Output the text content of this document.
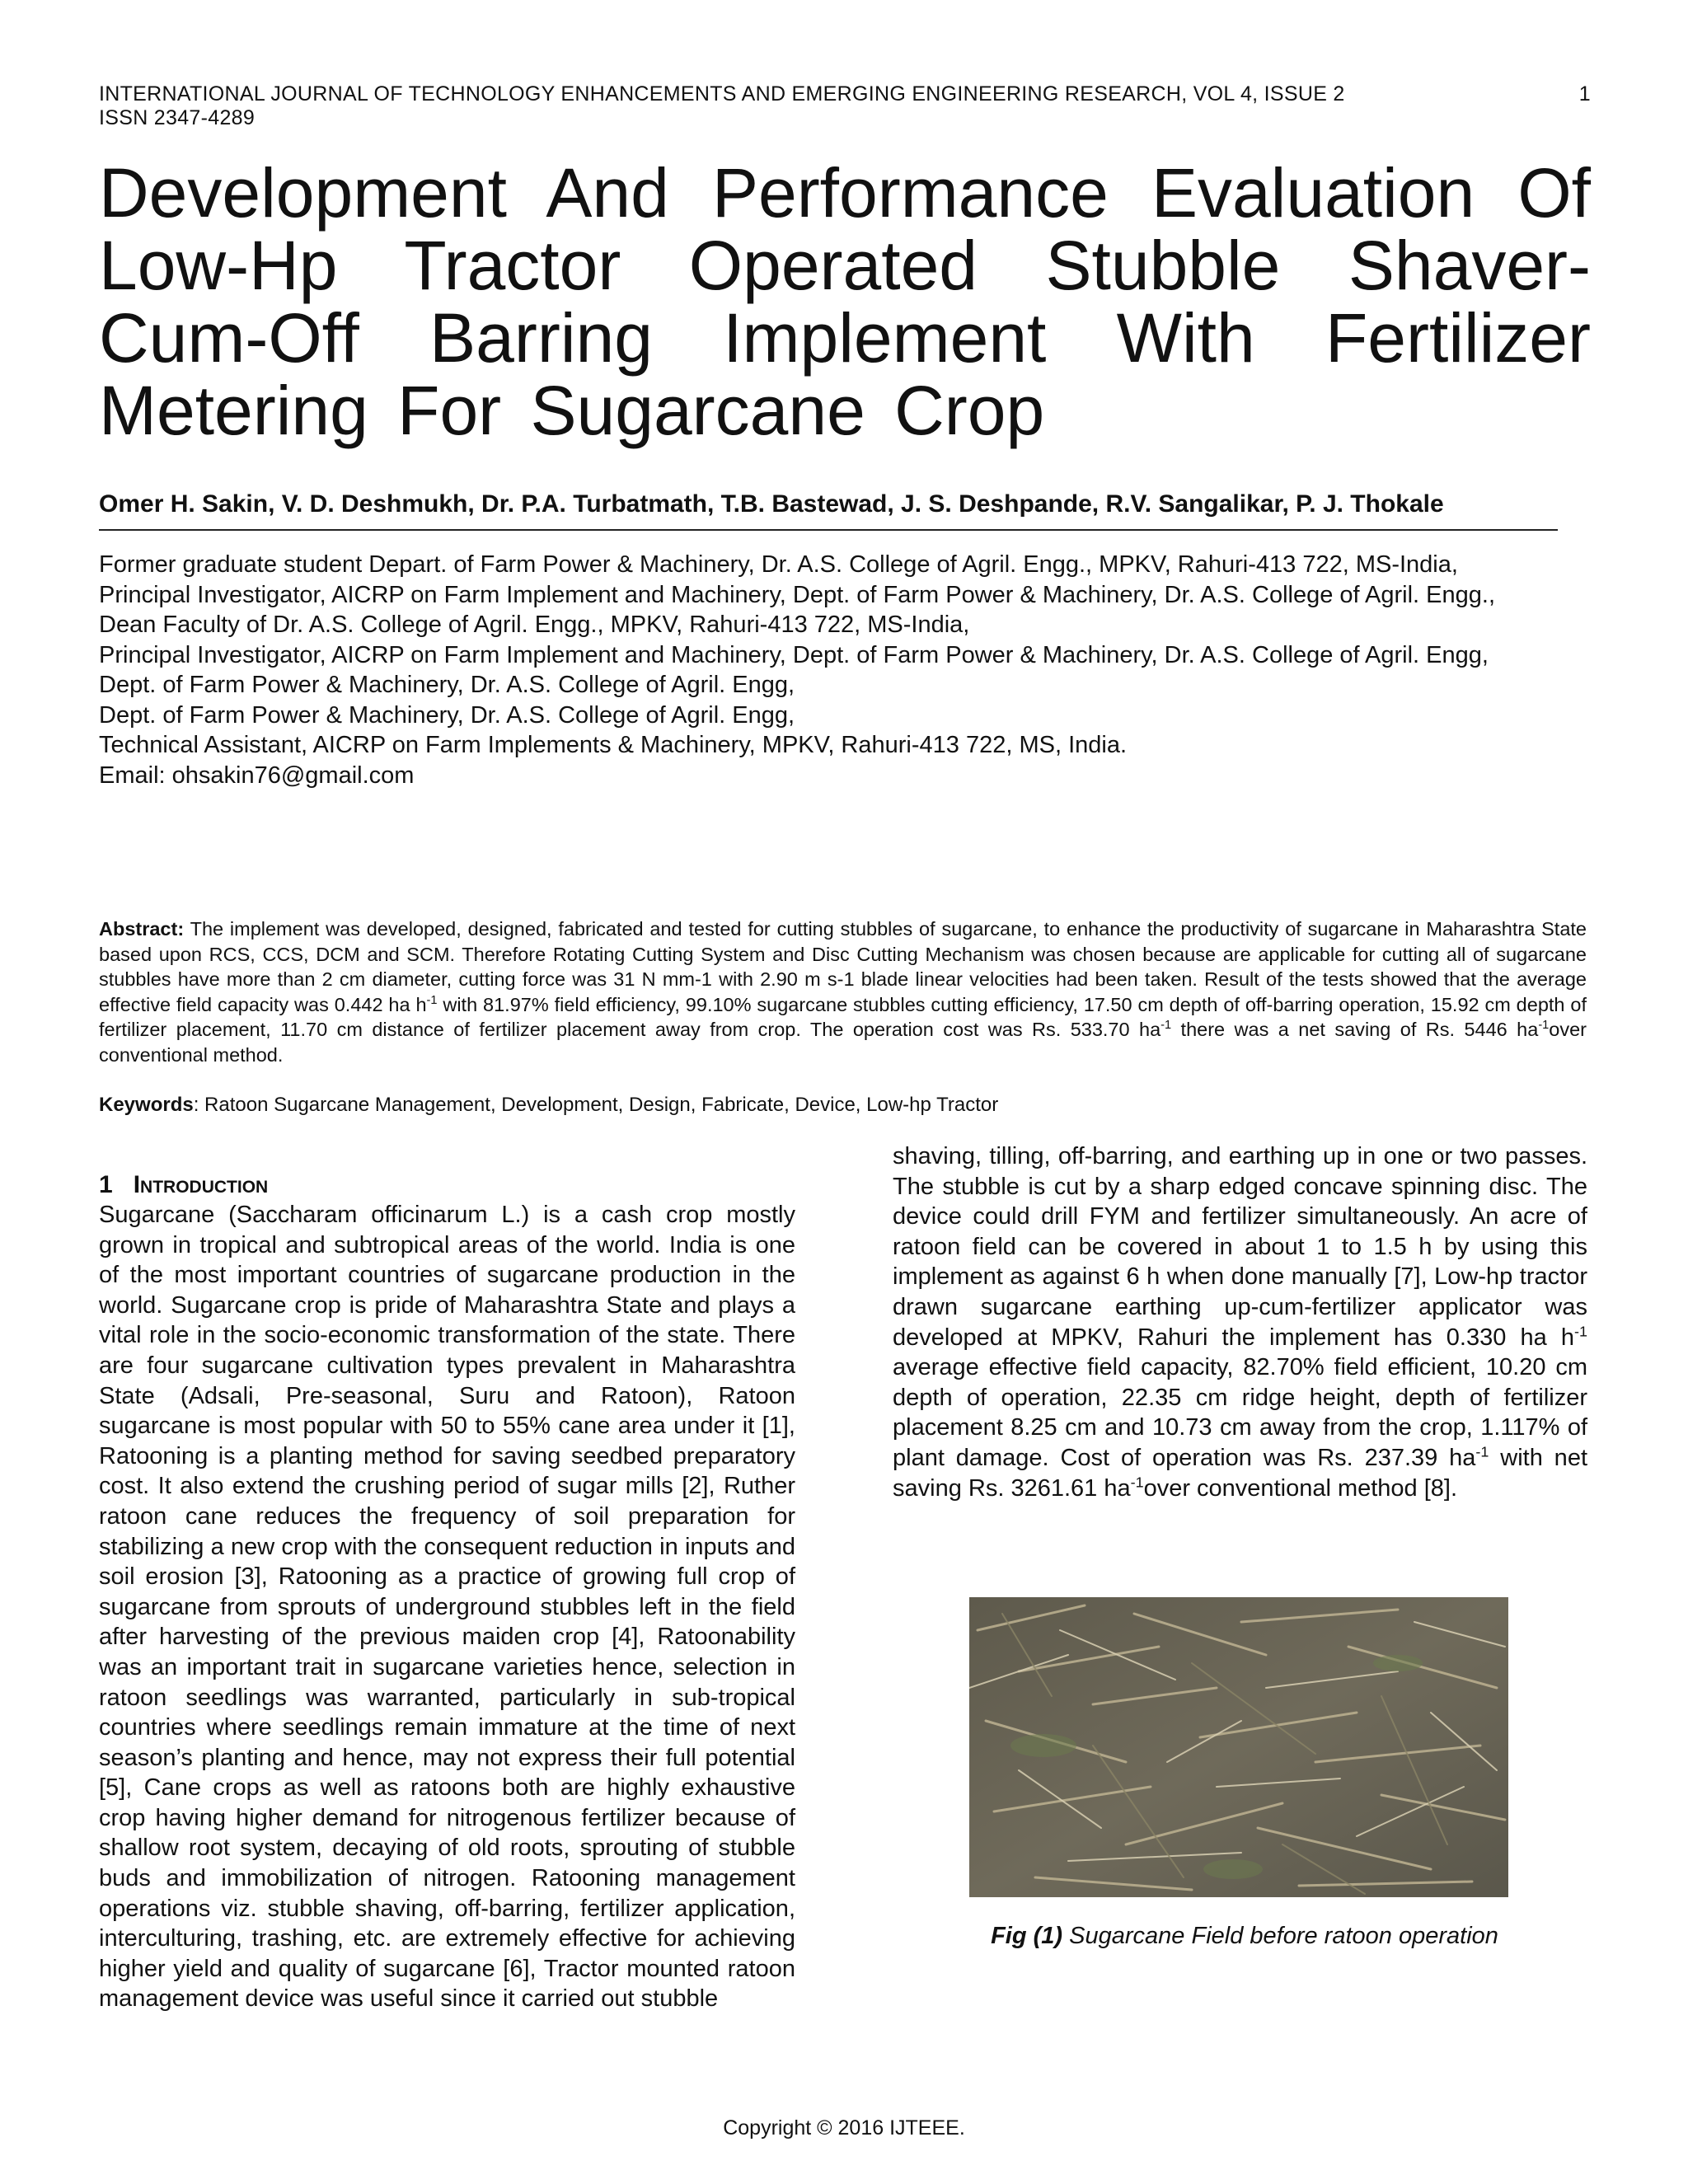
INTERNATIONAL JOURNAL OF TECHNOLOGY ENHANCEMENTS AND EMERGING ENGINEERING RESEARCH, VOL 4, ISSUE 2
ISSN 2347-4289
1
Development And Performance Evaluation Of Low-Hp Tractor Operated Stubble Shaver-Cum-Off Barring Implement With Fertilizer Metering For Sugarcane Crop
Omer H. Sakin, V. D. Deshmukh, Dr. P.A. Turbatmath, T.B. Bastewad, J. S. Deshpande, R.V. Sangalikar, P. J. Thokale
Former graduate student Depart. of Farm Power & Machinery, Dr. A.S. College of Agril. Engg., MPKV, Rahuri-413 722, MS-India,
Principal Investigator, AICRP on Farm Implement and Machinery, Dept. of Farm Power & Machinery, Dr. A.S. College of Agril. Engg.,
Dean Faculty of Dr. A.S. College of Agril. Engg., MPKV, Rahuri-413 722, MS-India,
Principal Investigator, AICRP on Farm Implement and Machinery, Dept. of Farm Power & Machinery, Dr. A.S. College of Agril. Engg,
Dept. of Farm Power & Machinery, Dr. A.S. College of Agril. Engg,
Dept. of Farm Power & Machinery, Dr. A.S. College of Agril. Engg,
Technical Assistant, AICRP on Farm Implements & Machinery, MPKV, Rahuri-413 722, MS, India.
Email: ohsakin76@gmail.com
Abstract: The implement was developed, designed, fabricated and tested for cutting stubbles of sugarcane, to enhance the productivity of sugarcane in Maharashtra State based upon RCS, CCS, DCM and SCM. Therefore Rotating Cutting System and Disc Cutting Mechanism was chosen because are applicable for cutting all of sugarcane stubbles have more than 2 cm diameter, cutting force was 31 N mm-1 with 2.90 m s-1 blade linear velocities had been taken. Result of the tests showed that the average effective field capacity was 0.442 ha $h^{-1}$ with 81.97% field efficiency, 99.10% sugarcane stubbles cutting efficiency, 17.50 cm depth of off-barring operation, 15.92 cm depth of fertilizer placement, 11.70 cm distance of fertilizer placement away from crop. The operation cost was Rs. 533.70 $ha^{-1}$ there was a net saving of Rs. 5446 $ha^{-1}over$ conventional method.
Keywords: Ratoon Sugarcane Management, Development, Design, Fabricate, Device, Low-hp Tractor
1 Introduction
Sugarcane (Saccharam officinarum L.) is a cash crop mostly grown in tropical and subtropical areas of the world. India is one of the most important countries of sugarcane production in the world. Sugarcane crop is pride of Maharashtra State and plays a vital role in the socio-economic transformation of the state. There are four sugarcane cultivation types prevalent in Maharashtra State (Adsali, Pre-seasonal, Suru and Ratoon), Ratoon sugarcane is most popular with 50 to 55% cane area under it [1], Ratooning is a planting method for saving seedbed preparatory cost. It also extend the crushing period of sugar mills [2], Ruther ratoon cane reduces the frequency of soil preparation for stabilizing a new crop with the consequent reduction in inputs and soil erosion [3], Ratooning as a practice of growing full crop of sugarcane from sprouts of underground stubbles left in the field after harvesting of the previous maiden crop [4], Ratoonability was an important trait in sugarcane varieties hence, selection in ratoon seedlings was warranted, particularly in sub-tropical countries where seedlings remain immature at the time of next season’s planting and hence, may not express their full potential [5], Cane crops as well as ratoons both are highly exhaustive crop having higher demand for nitrogenous fertilizer because of shallow root system, decaying of old roots, sprouting of stubble buds and immobilization of nitrogen. Ratooning management operations viz. stubble shaving, off-barring, fertilizer application, interculturing, trashing, etc. are extremely effective for achieving higher yield and quality of sugarcane [6], Tractor mounted ratoon management device was useful since it carried out stubble
shaving, tilling, off-barring, and earthing up in one or two passes. The stubble is cut by a sharp edged concave spinning disc. The device could drill FYM and fertilizer simultaneously. An acre of ratoon field can be covered in about 1 to 1.5 h by using this implement as against 6 h when done manually [7], Low-hp tractor drawn sugarcane earthing up-cum-fertilizer applicator was developed at MPKV, Rahuri the implement has 0.330 ha $h^{-1}$ average effective field capacity, 82.70% field efficient, 10.20 cm depth of operation, 22.35 cm ridge height, depth of fertilizer placement 8.25 cm and 10.73 cm away from the crop, 1.117% of plant damage. Cost of operation was Rs. 237.39 $ha^{-1}$ with net saving Rs. 3261.61 $ha^{-1}over$ conventional method [8].
Fig (1) Sugarcane Field before ratoon operation
Copyright © 2016 IJTEEE.
